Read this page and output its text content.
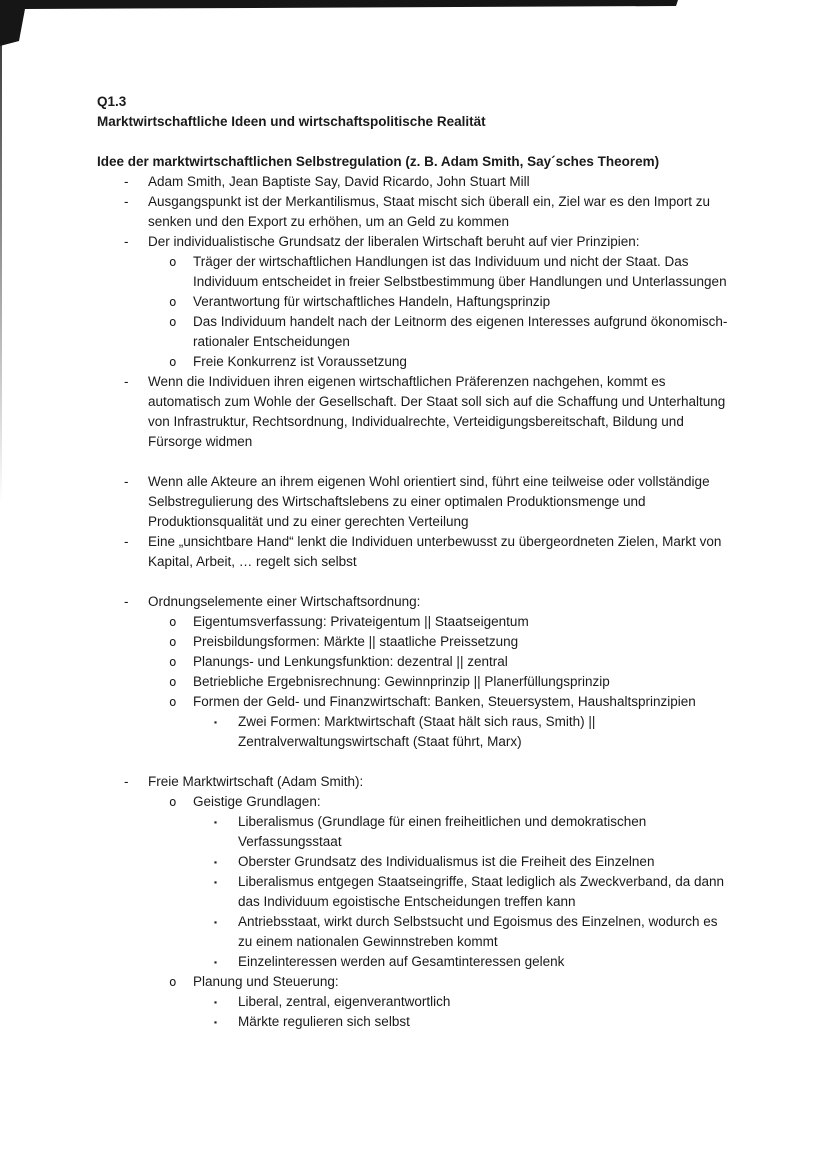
Q1.3
Marktwirtschaftliche Ideen und wirtschaftspolitische Realität
Idee der marktwirtschaftlichen Selbstregulation (z. B. Adam Smith, Say´sches Theorem)
- Adam Smith, Jean Baptiste Say, David Ricardo, John Stuart Mill
- Ausgangspunkt ist der Merkantilismus, Staat mischt sich überall ein, Ziel war es den Import zu senken und den Export zu erhöhen, um an Geld zu kommen
- Der individualistische Grundsatz der liberalen Wirtschaft beruht auf vier Prinzipien:
o Träger der wirtschaftlichen Handlungen ist das Individuum und nicht der Staat. Das Individuum entscheidet in freier Selbstbestimmung über Handlungen und Unterlassungen
o Verantwortung für wirtschaftliches Handeln, Haftungsprinzip
o Das Individuum handelt nach der Leitnorm des eigenen Interesses aufgrund ökonomisch- rationaler Entscheidungen
o Freie Konkurrenz ist Voraussetzung
- Wenn die Individuen ihren eigenen wirtschaftlichen Präferenzen nachgehen, kommt es automatisch zum Wohle der Gesellschaft. Der Staat soll sich auf die Schaffung und Unterhaltung von Infrastruktur, Rechtsordnung, Individualrechte, Verteidigungsbereitschaft, Bildung und Fürsorge widmen
- Wenn alle Akteure an ihrem eigenen Wohl orientiert sind, führt eine teilweise oder vollständige Selbstregulierung des Wirtschaftslebens zu einer optimalen Produktionsmenge und Produktionsqualität und zu einer gerechten Verteilung
- Eine „unsichtbare Hand“ lenkt die Individuen unterbewusst zu übergeordneten Zielen, Markt von Kapital, Arbeit, … regelt sich selbst
- Ordnungselemente einer Wirtschaftsordnung:
o Eigentumsverfassung: Privateigentum || Staatseigentum
o Preisbildungsformen: Märkte || staatliche Preissetzung
o Planungs- und Lenkungsfunktion: dezentral || zentral
o Betriebliche Ergebnisrechnung: Gewinnprinzip || Planerfüllungsprinzip
o Formen der Geld- und Finanzwirtschaft: Banken, Steuersystem, Haushaltsprinzipien
▪ Zwei Formen: Marktwirtschaft (Staat hält sich raus, Smith) || Zentralverwaltungswirtschaft (Staat führt, Marx)
- Freie Marktwirtschaft (Adam Smith):
o Geistige Grundlagen:
▪ Liberalismus (Grundlage für einen freiheitlichen und demokratischen Verfassungsstaat
▪ Oberster Grundsatz des Individualismus ist die Freiheit des Einzelnen
▪ Liberalismus entgegen Staatseingriffe, Staat lediglich als Zweckverband, da dann das Individuum egoistische Entscheidungen treffen kann
▪ Antriebsstaat, wirkt durch Selbstsucht und Egoismus des Einzelnen, wodurch es zu einem nationalen Gewinnstreben kommt
▪ Einzelinteressen werden auf Gesamtinteressen gelenk
o Planung und Steuerung:
▪ Liberal, zentral, eigenverantwortlich
▪ Märkte regulieren sich selbst
